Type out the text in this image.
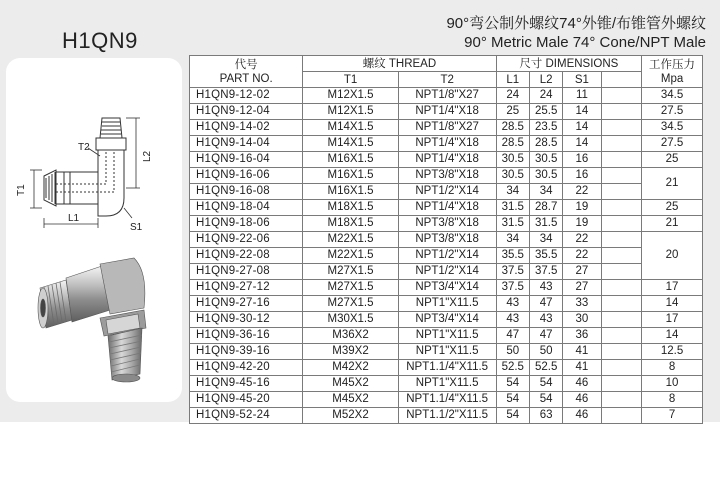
H1QN9
90°弯公制外螺纹74°外锥/布锥管外螺纹
90° Metric Male 74° Cone/NPT Male
T1
T2
L1
L2
S1
代号
PART NO.	螺纹 THREAD		尺寸 DIMENSIONS				工作压力
Mpa
	T1	T2	L1	L2	S1		
H1QN9-12-02	M12X1.5	NPT1/8"X27	24	24	11		34.5
H1QN9-12-04	M12X1.5	NPT1/4"X18	25	25.5	14		27.5
H1QN9-14-02	M14X1.5	NPT1/8"X27	28.5	23.5	14		34.5
H1QN9-14-04	M14X1.5	NPT1/4"X18	28.5	28.5	14		27.5
H1QN9-16-04	M16X1.5	NPT1/4"X18	30.5	30.5	16		25
H1QN9-16-06	M16X1.5	NPT3/8"X18	30.5	30.5	16		21
H1QN9-16-08	M16X1.5	NPT1/2"X14	34	34	22		
H1QN9-18-04	M18X1.5	NPT1/4"X18	31.5	28.7	19		25
H1QN9-18-06	M18X1.5	NPT3/8"X18	31.5	31.5	19		21
H1QN9-22-06	M22X1.5	NPT3/8"X18	34	34	22		20
H1QN9-22-08	M22X1.5	NPT1/2"X14	35.5	35.5	22		
H1QN9-27-08	M27X1.5	NPT1/2"X14	37.5	37.5	27		
H1QN9-27-12	M27X1.5	NPT3/4"X14	37.5	43	27		17
H1QN9-27-16	M27X1.5	NPT1"X11.5	43	47	33		14
H1QN9-30-12	M30X1.5	NPT3/4"X14	43	43	30		17
H1QN9-36-16	M36X2	NPT1"X11.5	47	47	36		14
H1QN9-39-16	M39X2	NPT1"X11.5	50	50	41		12.5
H1QN9-42-20	M42X2	NPT1.1/4"X11.5	52.5	52.5	41		8
H1QN9-45-16	M45X2	NPT1"X11.5	54	54	46		10
H1QN9-45-20	M45X2	NPT1.1/4"X11.5	54	54	46		8
H1QN9-52-24	M52X2	NPT1.1/2"X11.5	54	63	46		7
